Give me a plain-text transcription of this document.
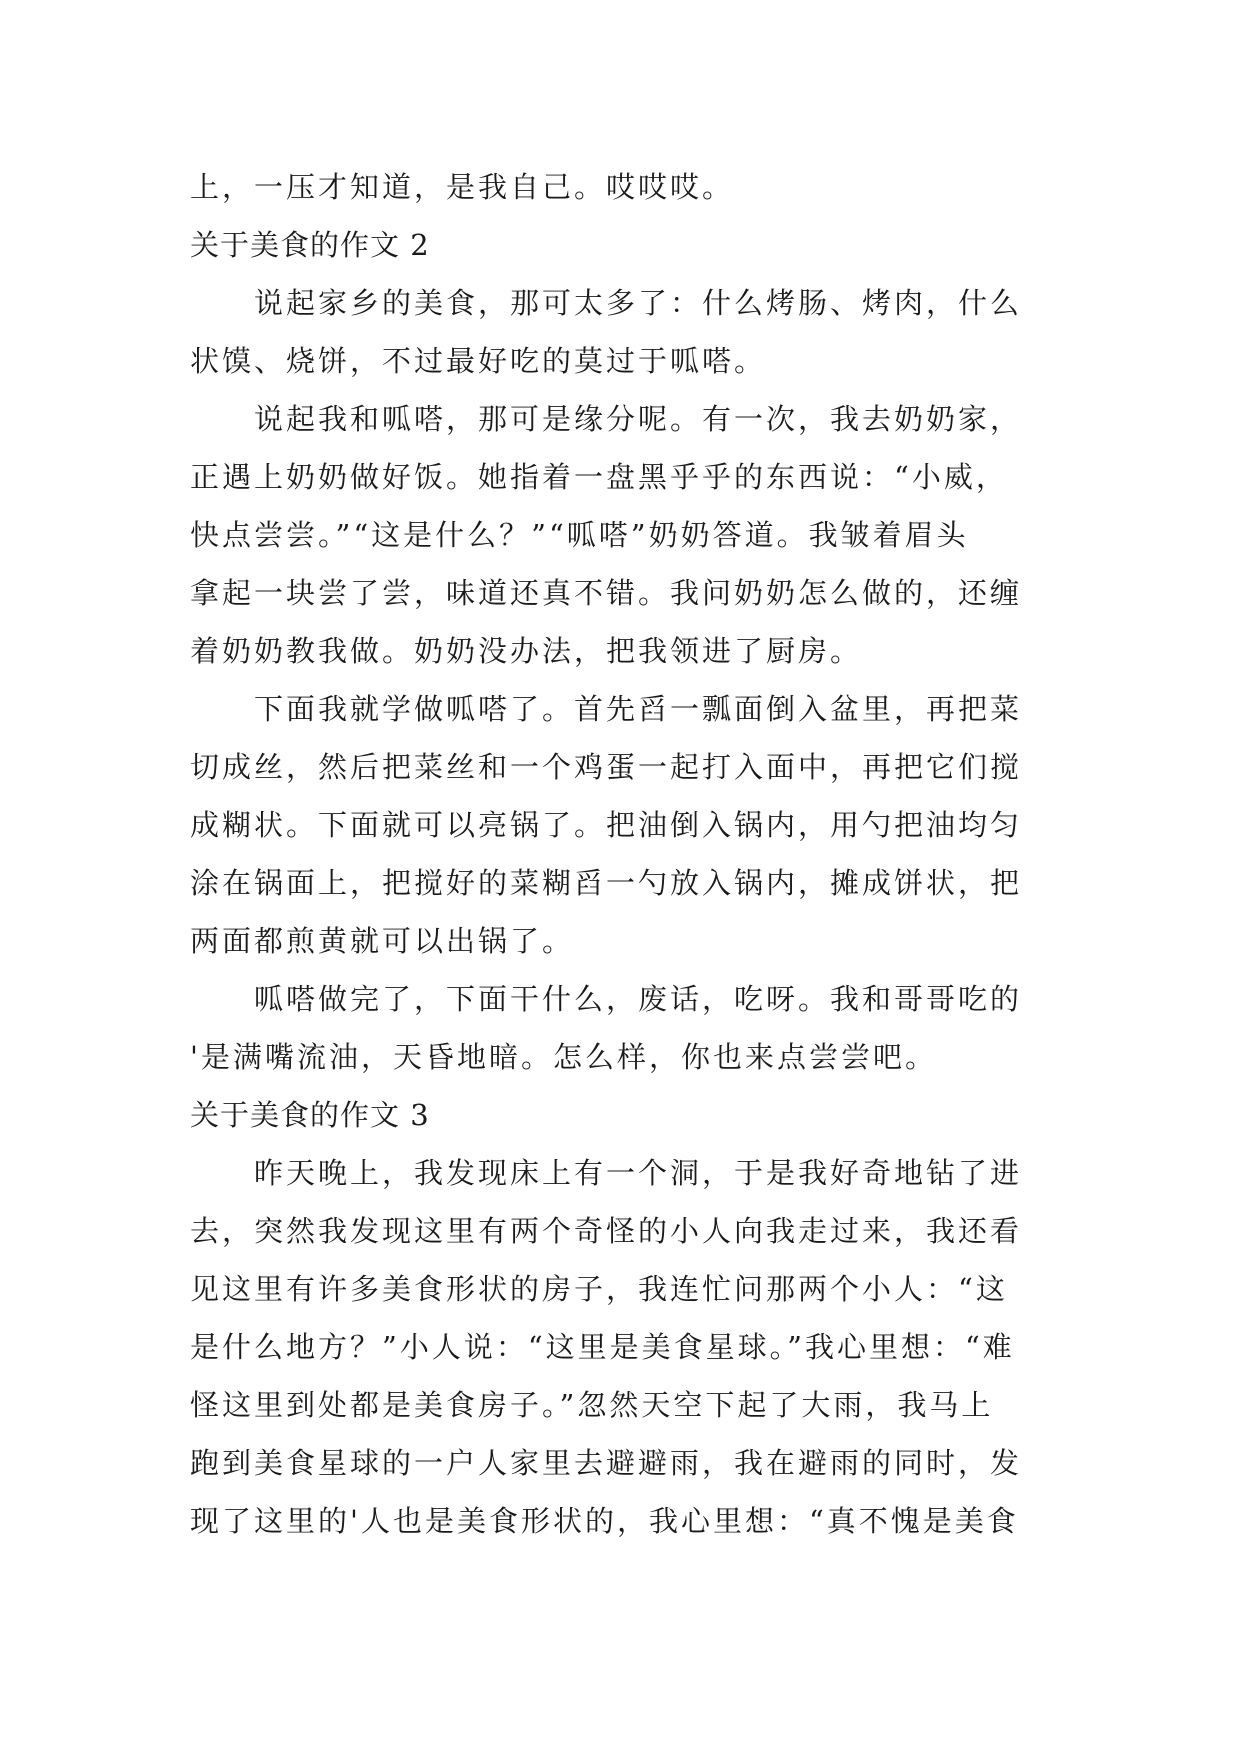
上，一压才知道，是我自己。哎哎哎。
关于美食的作文 2
说起家乡的美食，那可太多了：什么烤肠、烤肉，什么
状馍、烧饼，不过最好吃的莫过于呱嗒。
说起我和呱嗒，那可是缘分呢。有一次，我去奶奶家，
正遇上奶奶做好饭。她指着一盘黑乎乎的东西说：“小威，
快点尝尝。”“这是什么？”“呱嗒”奶奶答道。我皱着眉头
拿起一块尝了尝，味道还真不错。我问奶奶怎么做的，还缠
着奶奶教我做。奶奶没办法，把我领进了厨房。
下面我就学做呱嗒了。首先舀一瓢面倒入盆里，再把菜
切成丝，然后把菜丝和一个鸡蛋一起打入面中，再把它们搅
成糊状。下面就可以亮锅了。把油倒入锅内，用勺把油均匀
涂在锅面上，把搅好的菜糊舀一勺放入锅内，摊成饼状，把
两面都煎黄就可以出锅了。
呱嗒做完了，下面干什么，废话，吃呀。我和哥哥吃的
'是满嘴流油，天昏地暗。怎么样，你也来点尝尝吧。
关于美食的作文 3
昨天晚上，我发现床上有一个洞，于是我好奇地钻了进
去，突然我发现这里有两个奇怪的小人向我走过来，我还看
见这里有许多美食形状的房子，我连忙问那两个小人：“这
是什么地方？”小人说：“这里是美食星球。”我心里想：“难
怪这里到处都是美食房子。”忽然天空下起了大雨，我马上
跑到美食星球的一户人家里去避避雨，我在避雨的同时，发
现了这里的'人也是美食形状的，我心里想：“真不愧是美食
